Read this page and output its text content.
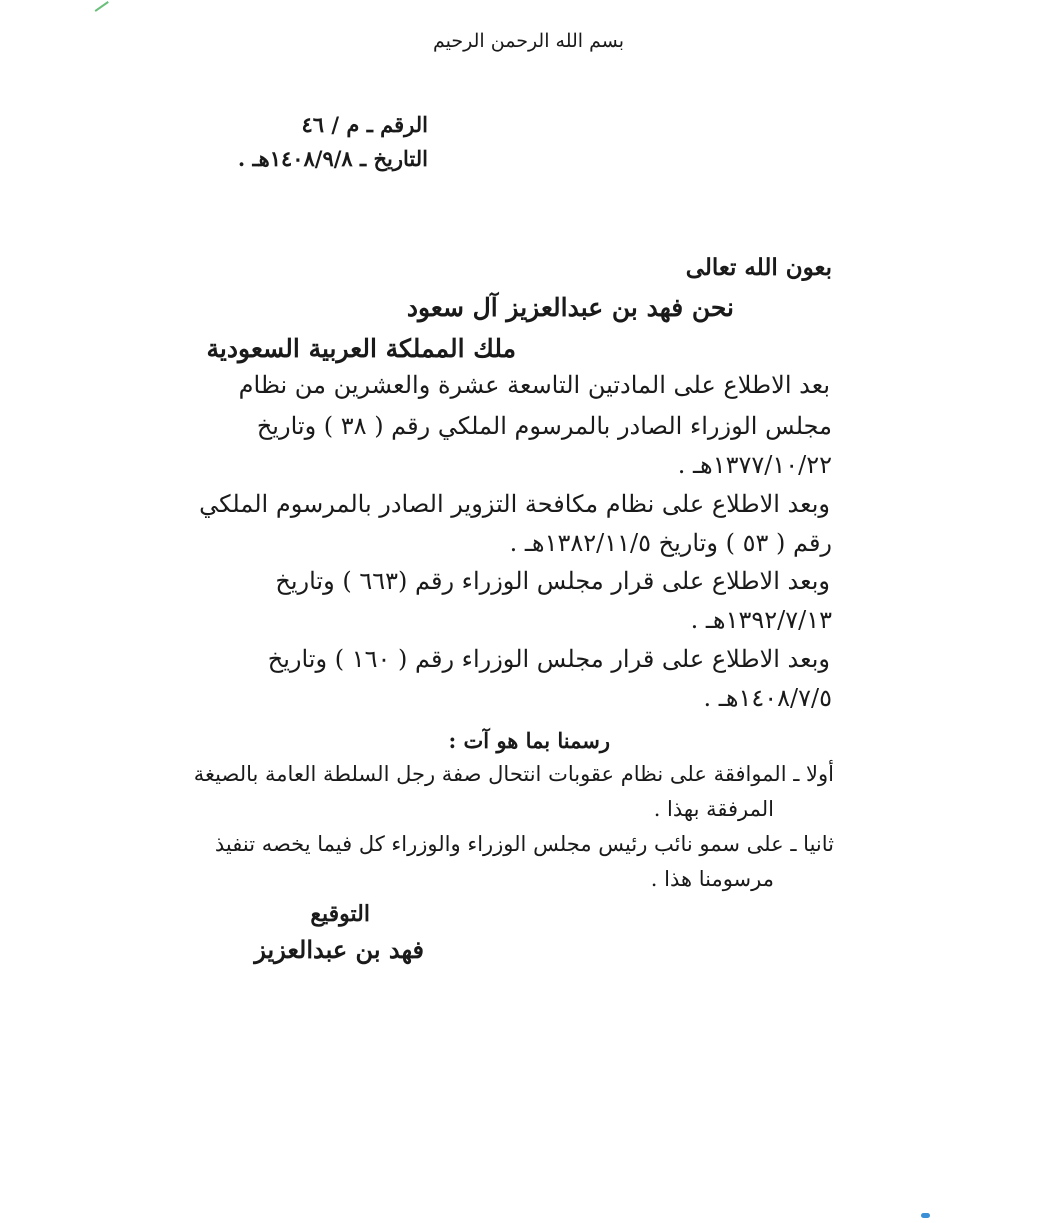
بسم الله الرحمن الرحيم
الرقم ـ م / ٤٦
التاريخ ـ ١٤٠٨/٩/٨هـ .
بعون الله تعالى
نحن فهد بن عبدالعزيز آل سعود
ملك المملكة العربية السعودية
بعد الاطلاع على المادتين التاسعة عشرة والعشرين من نظام
مجلس الوزراء الصادر بالمرسوم الملكي رقم ( ٣٨ ) وتاريخ
١٣٧٧/١٠/٢٢هـ .
وبعد الاطلاع على نظام مكافحة التزوير الصادر بالمرسوم الملكي
رقم ( ٥٣ ) وتاريخ ١٣٨٢/١١/٥هـ .
وبعد الاطلاع على قرار مجلس الوزراء رقم (٦٦٣ ) وتاريخ
١٣٩٢/٧/١٣هـ .
وبعد الاطلاع على قرار مجلس الوزراء رقم ( ١٦٠ ) وتاريخ
١٤٠٨/٧/٥هـ .
رسمنا بما هو آت :
أولا ـ الموافقة على نظام عقوبات انتحال صفة رجل السلطة العامة بالصيغة
المرفقة بهذا .
ثانيا ـ على سمو نائب رئيس مجلس الوزراء والوزراء كل فيما يخصه تنفيذ
مرسومنا هذا .
التوقيع
فهد بن عبدالعزيز
